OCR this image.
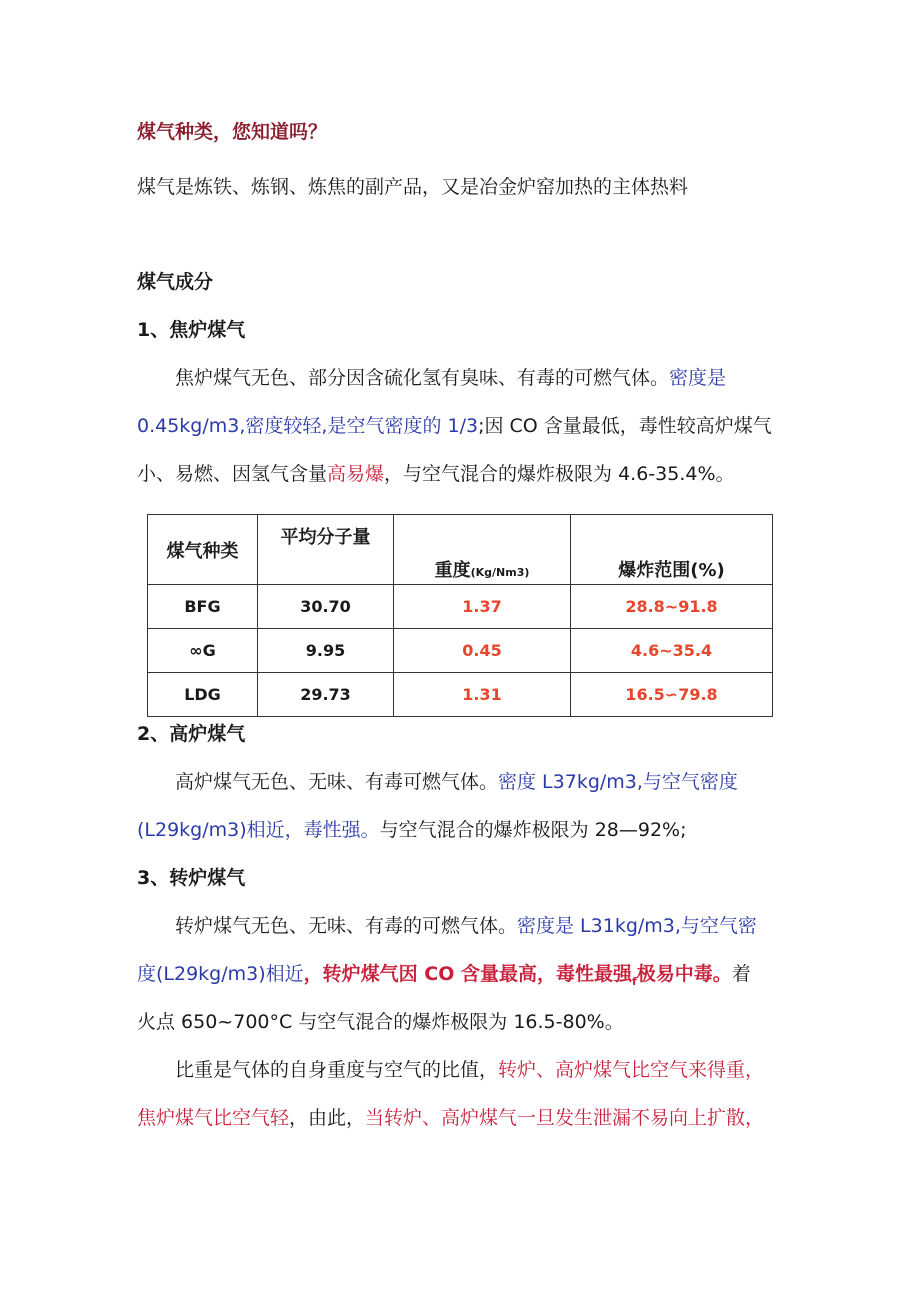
煤气种类，您知道吗？
煤气是炼铁、炼钢、炼焦的副产品，又是冶金炉窑加热的主体热料
煤气成分
1、焦炉煤气
焦炉煤气无色、部分因含硫化氢有臭味、有毒的可燃气体。密度是
0.45kg/m3,密度较轻,是空气密度的 1/3;因 CO 含量最低，毒性较高炉煤气
小、易燃、因氢气含量高易爆，与空气混合的爆炸极限为 4.6-35.4%。
煤气种类	平均分子量	重度(Kg/Nm3)	爆炸范围(%)
BFG	30.70	1.37	28.8~91.8
∞G	9.95	0.45	4.6~35.4
LDG	29.73	1.31	16.5∽79.8
2、高炉煤气
高炉煤气无色、无味、有毒可燃气体。密度 L37kg/m3,与空气密度
(L29kg/m3)相近，毒性强。与空气混合的爆炸极限为 28—92%;
3、转炉煤气
转炉煤气无色、无味、有毒的可燃气体。密度是 L31kg/m3,与空气密
度(L29kg/m3)相近，转炉煤气因 CO 含量最高，毒性最强$_f$极易中毒。着
火点 650~700°C 与空气混合的爆炸极限为 16.5-80%。
比重是气体的自身重度与空气的比值，转炉、高炉煤气比空气来得重，
焦炉煤气比空气轻，由此，当转炉、高炉煤气一旦发生泄漏不易向上扩散，
